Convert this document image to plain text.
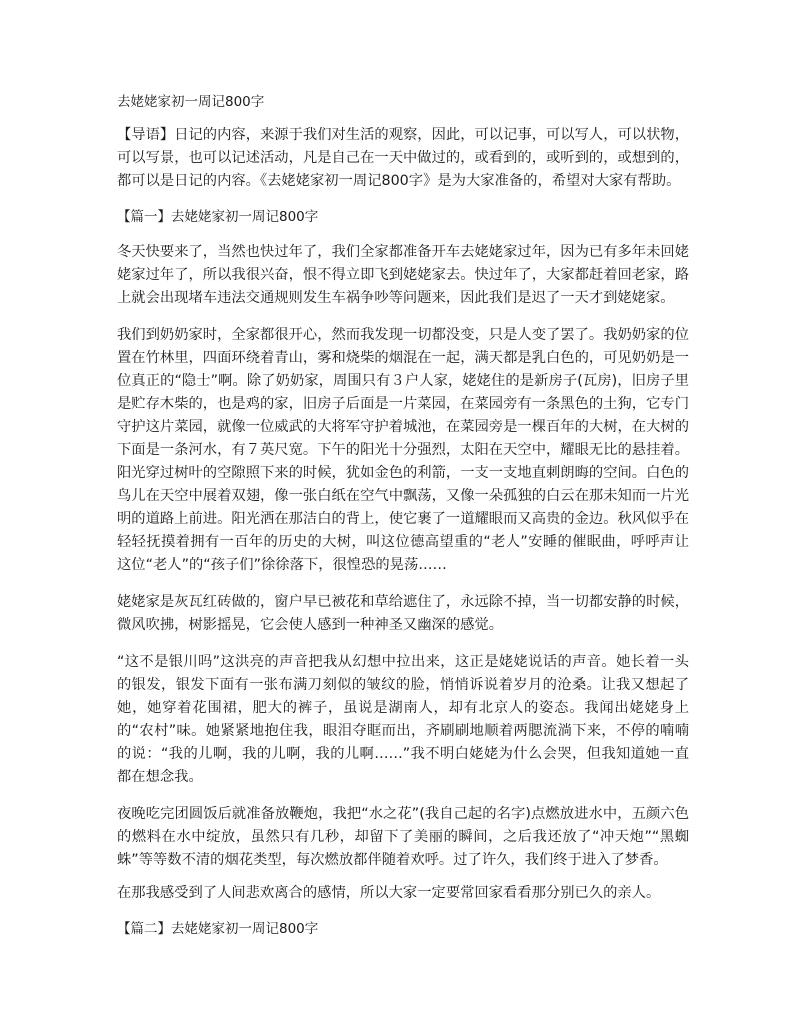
去姥姥家初一周记800字

【导语】日记的内容，来源于我们对生活的观察，因此，可以记事，可以写人，可以状物，可以写景，也可以记述活动，凡是自己在一天中做过的，或看到的，或听到的，或想到的，都可以是日记的内容。《去姥姥家初一周记800字》是为大家准备的，希望对大家有帮助。

【篇一】去姥姥家初一周记800字

冬天快要来了，当然也快过年了，我们全家都准备开车去姥姥家过年，因为已有多年未回姥姥家过年了，所以我很兴奋，恨不得立即飞到姥姥家去。快过年了，大家都赶着回老家，路上就会出现堵车违法交通规则发生车祸争吵等问题来，因此我们是迟了一天才到姥姥家。

我们到奶奶家时，全家都很开心，然而我发现一切都没变，只是人变了罢了。我奶奶家的位置在竹林里，四面环绕着青山，雾和烧柴的烟混在一起，满天都是乳白色的，可见奶奶是一位真正的“隐士”啊。除了奶奶家，周围只有３户人家，姥姥住的是新房子(瓦房)，旧房子里是贮存木柴的，也是鸡的家，旧房子后面是一片菜园，在菜园旁有一条黑色的土狗，它专门守护这片菜园，就像一位威武的大将军守护着城池，在菜园旁是一棵百年的大树，在大树的下面是一条河水，有７英尺宽。下午的阳光十分强烈，太阳在天空中，耀眼无比的悬挂着。阳光穿过树叶的空隙照下来的时候，犹如金色的利箭，一支一支地直刺朗晦的空间。白色的鸟儿在天空中展着双翅，像一张白纸在空气中飘荡，又像一朵孤独的白云在那未知而一片光明的道路上前进。阳光洒在那洁白的背上，使它裹了一道耀眼而又高贵的金边。秋风似乎在轻轻抚摸着拥有一百年的历史的大树，叫这位德高望重的“老人”安睡的催眠曲，呼呼声让这位“老人”的“孩子们”徐徐落下，很惶恐的晃荡……

姥姥家是灰瓦红砖做的，窗户早已被花和草给遮住了，永远除不掉，当一切都安静的时候，微风吹拂，树影摇晃，它会使人感到一种神圣又幽深的感觉。

“这不是银川吗”这洪亮的声音把我从幻想中拉出来，这正是姥姥说话的声音。她长着一头的银发，银发下面有一张布满刀刻似的皱纹的脸，悄悄诉说着岁月的沧桑。让我又想起了她，她穿着花围裙，肥大的裤子，虽说是湖南人，却有北京人的姿态。我闻出姥姥身上的“农村”味。她紧紧地抱住我，眼泪夺眶而出，齐刷刷地顺着两腮流淌下来，不停的喃喃的说：“我的儿啊，我的儿啊，我的儿啊……”我不明白姥姥为什么会哭，但我知道她一直都在想念我。

夜晚吃完团圆饭后就准备放鞭炮，我把“水之花”(我自己起的名字)点燃放进水中，五颜六色的燃料在水中绽放，虽然只有几秒，却留下了美丽的瞬间，之后我还放了“冲天炮”“黑蜘蛛”等等数不清的烟花类型，每次燃放都伴随着欢呼。过了许久，我们终于进入了梦香。

在那我感受到了人间悲欢离合的感情，所以大家一定要常回家看看那分别已久的亲人。

【篇二】去姥姥家初一周记800字
